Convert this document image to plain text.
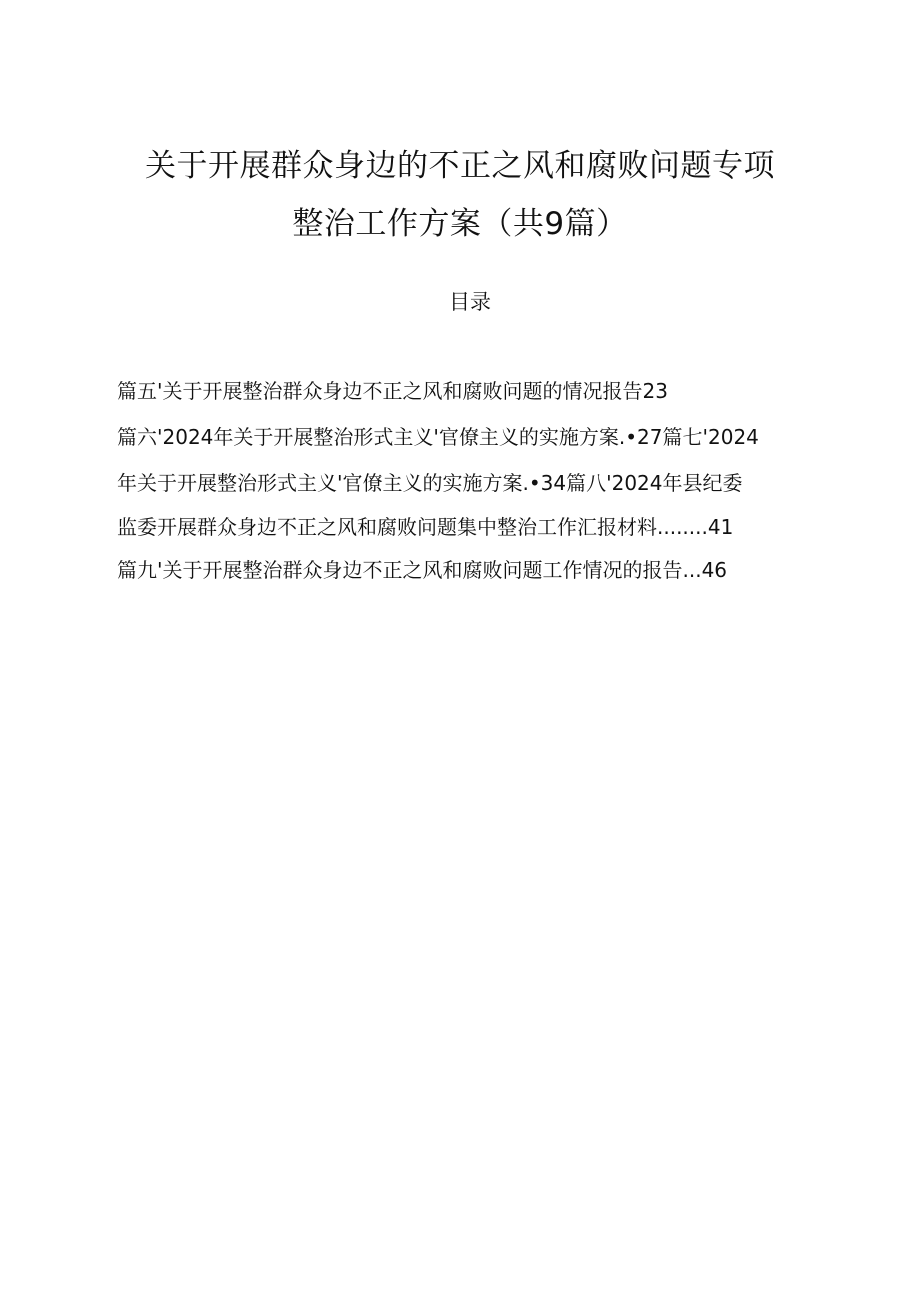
关于开展群众身边的不正之风和腐败问题专项
整治工作方案（共9篇）
目录
篇五'关于开展整治群众身边不正之风和腐败问题的情况报告23
篇六'2024年关于开展整治形式主义'官僚主义的实施方案.•27篇七'2024
年关于开展整治形式主义'官僚主义的实施方案.•34篇八'2024年县纪委
监委开展群众身边不正之风和腐败问题集中整治工作汇报材料........41
篇九'关于开展整治群众身边不正之风和腐败问题工作情况的报告...46
